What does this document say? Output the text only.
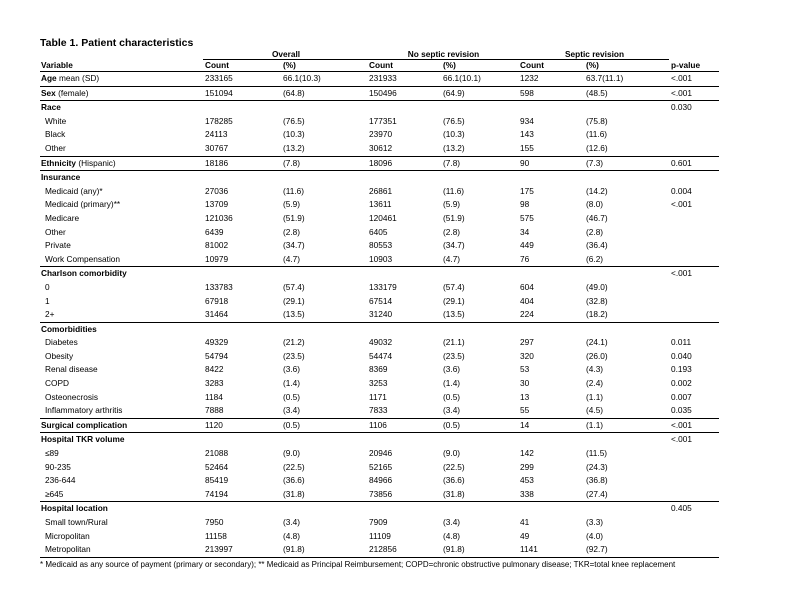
Table 1. Patient characteristics
	Overall		No septic revision		Septic revision		
Variable	Count	(%)	Count	(%)	Count	(%)	p-value
Age mean (SD)	233165	66.1(10.3)	231933	66.1(10.1)	1232	63.7(11.1)	<.001
Sex (female)	151094	(64.8)	150496	(64.9)	598	(48.5)	<.001
Race							0.030
White	178285	(76.5)	177351	(76.5)	934	(75.8)	
Black	24113	(10.3)	23970	(10.3)	143	(11.6)	
Other	30767	(13.2)	30612	(13.2)	155	(12.6)	
Ethnicity (Hispanic)	18186	(7.8)	18096	(7.8)	90	(7.3)	0.601
Insurance							
Medicaid (any)*	27036	(11.6)	26861	(11.6)	175	(14.2)	0.004
Medicaid (primary)**	13709	(5.9)	13611	(5.9)	98	(8.0)	<.001
Medicare	121036	(51.9)	120461	(51.9)	575	(46.7)	
Other	6439	(2.8)	6405	(2.8)	34	(2.8)	
Private	81002	(34.7)	80553	(34.7)	449	(36.4)	
Work Compensation	10979	(4.7)	10903	(4.7)	76	(6.2)	
Charlson comorbidity							<.001
0	133783	(57.4)	133179	(57.4)	604	(49.0)	
1	67918	(29.1)	67514	(29.1)	404	(32.8)	
2+	31464	(13.5)	31240	(13.5)	224	(18.2)	
Comorbidities							
Diabetes	49329	(21.2)	49032	(21.1)	297	(24.1)	0.011
Obesity	54794	(23.5)	54474	(23.5)	320	(26.0)	0.040
Renal disease	8422	(3.6)	8369	(3.6)	53	(4.3)	0.193
COPD	3283	(1.4)	3253	(1.4)	30	(2.4)	0.002
Osteonecrosis	1184	(0.5)	1171	(0.5)	13	(1.1)	0.007
Inflammatory arthritis	7888	(3.4)	7833	(3.4)	55	(4.5)	0.035
Surgical complication	1120	(0.5)	1106	(0.5)	14	(1.1)	<.001
Hospital TKR volume							<.001
≤89	21088	(9.0)	20946	(9.0)	142	(11.5)	
90-235	52464	(22.5)	52165	(22.5)	299	(24.3)	
236-644	85419	(36.6)	84966	(36.6)	453	(36.8)	
≥645	74194	(31.8)	73856	(31.8)	338	(27.4)	
Hospital location							0.405
Small town/Rural	7950	(3.4)	7909	(3.4)	41	(3.3)	
Micropolitan	11158	(4.8)	11109	(4.8)	49	(4.0)	
Metropolitan	213997	(91.8)	212856	(91.8)	1141	(92.7)	
* Medicaid as any source of payment (primary or secondary); ** Medicaid as Principal Reimbursement; COPD=chronic obstructive pulmonary disease; TKR=total knee replacement
